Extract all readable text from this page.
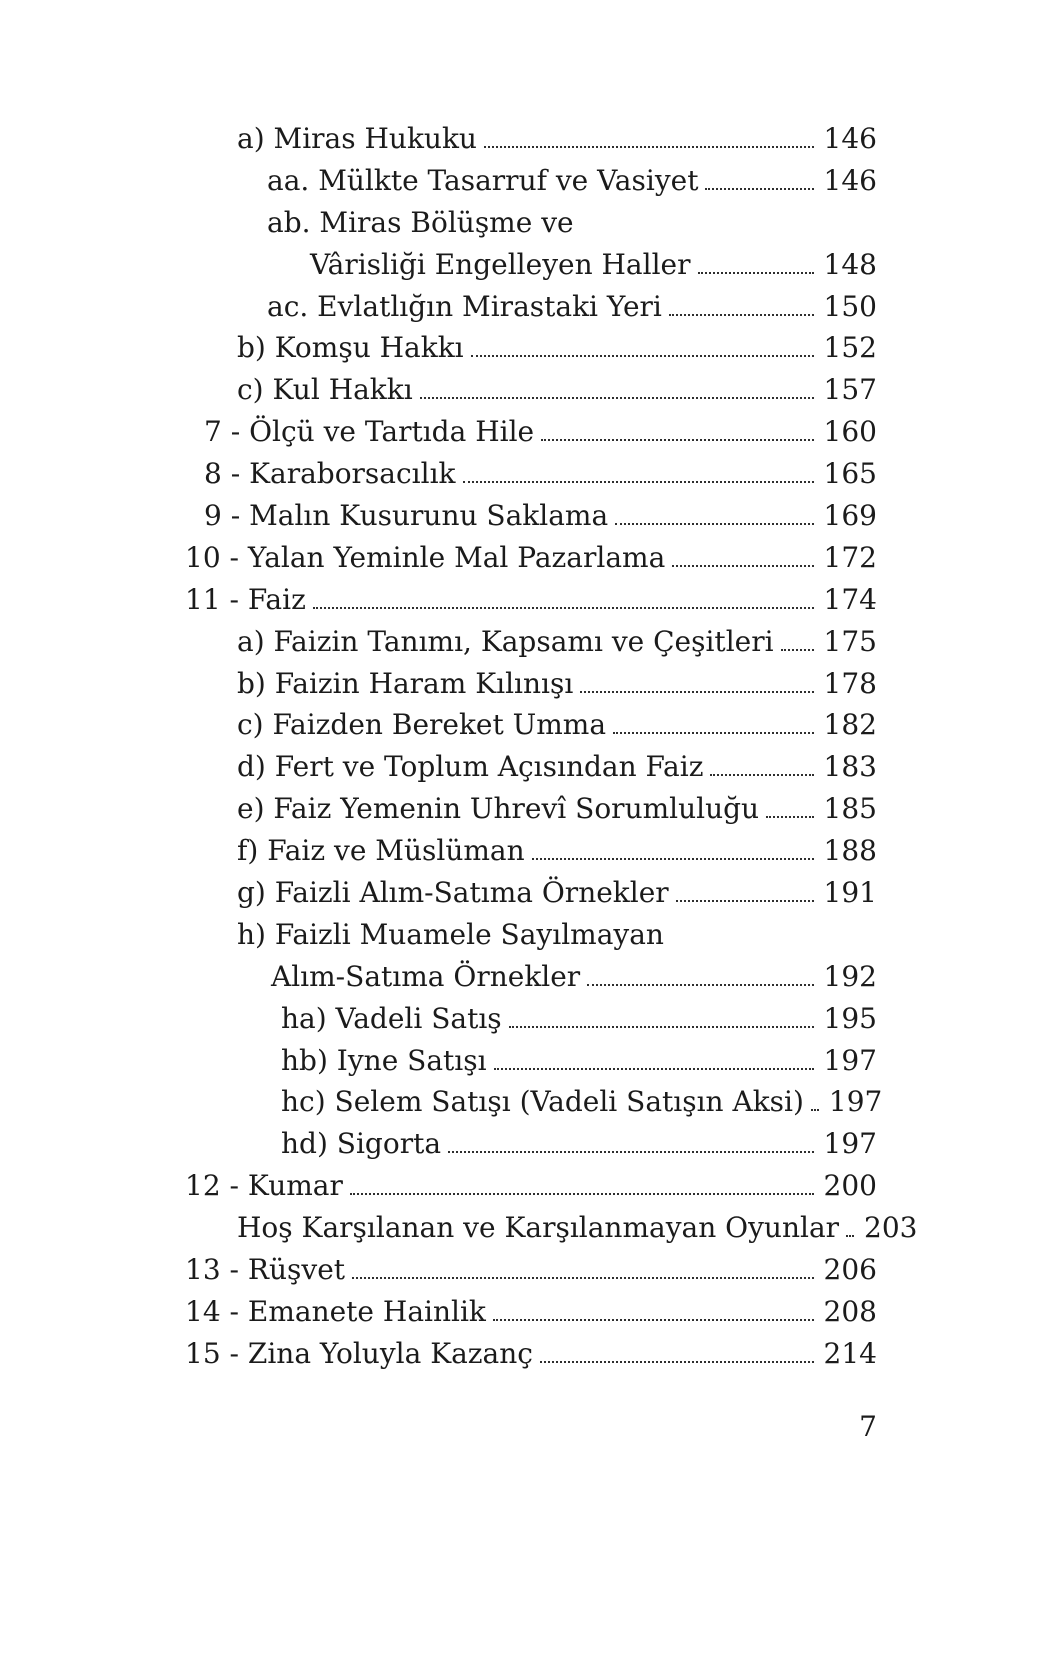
a) Miras Hukuku	146
aa. Mülkte Tasarruf ve Vasiyet	146
ab. Miras Bölüşme ve
Vârisliği Engelleyen Haller	148
ac. Evlatlığın Mirastaki Yeri	150
b) Komşu Hakkı	152
c) Kul Hakkı	157
7 - Ölçü ve Tartıda Hile	160
8 - Karaborsacılık	165
9 - Malın Kusurunu Saklama	169
10 - Yalan Yeminle Mal Pazarlama	172
11 - Faiz	174
a) Faizin Tanımı, Kapsamı ve Çeşitleri 175
b) Faizin Haram Kılınışı	178
c) Faizden Bereket Umma	182
d) Fert ve Toplum Açısından Faiz	183
e) Faiz Yemenin Uhrevî Sorumluluğu 185
f) Faiz ve Müslüman	188
g) Faizli Alım-Satıma Örnekler	191
h) Faizli Muamele Sayılmayan
Alım-Satıma Örnekler	192
ha) Vadeli Satış	195
hb) Iyne Satışı	197
hc) Selem Satışı (Vadeli Satışın Aksi) 197
hd) Sigorta	197
12 - Kumar	200
Hoş Karşılanan ve Karşılanmayan Oyunlar 203
13 - Rüşvet	206
14 - Emanete Hainlik	208
15 - Zina Yoluyla Kazanç	214
7
